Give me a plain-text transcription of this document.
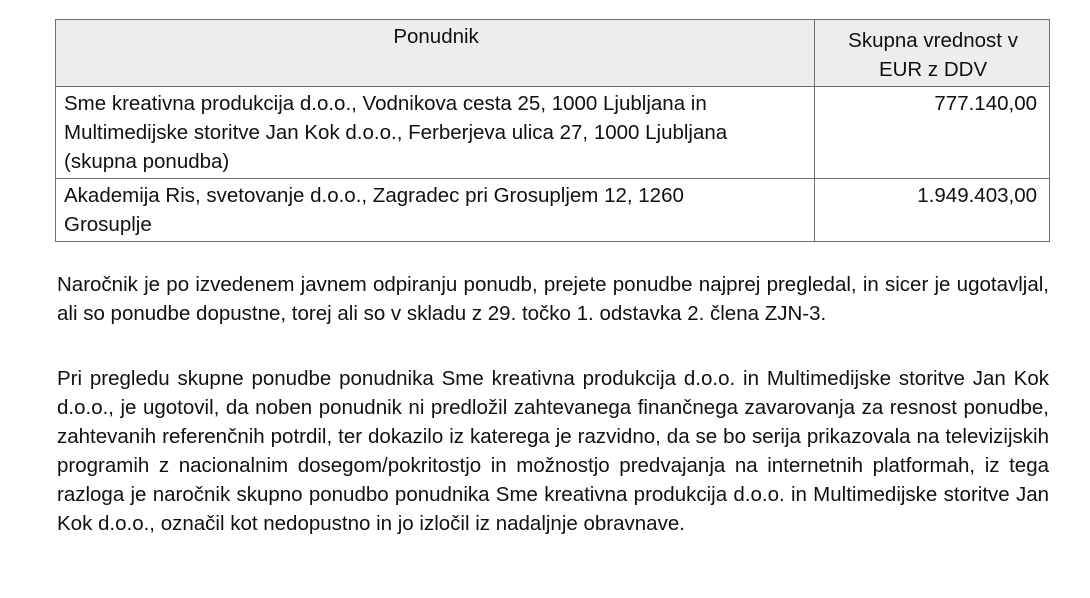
Ponudnik	Skupna vrednost v
EUR z DDV
Sme kreativna produkcija d.o.o., Vodnikova cesta 25, 1000 Ljubljana in
Multimedijske storitve Jan Kok d.o.o., Ferberjeva ulica 27, 1000 Ljubljana
(skupna ponudba)	777.140,00
Akademija Ris, svetovanje d.o.o., Zagradec pri Grosupljem 12, 1260
Grosuplje	1.949.403,00

Naročnik je po izvedenem javnem odpiranju ponudb, prejete ponudbe najprej pregledal, in sicer je ugotavljal, ali so ponudbe dopustne, torej ali so v skladu z 29. točko 1. odstavka 2. člena ZJN-3.

Pri pregledu skupne ponudbe ponudnika Sme kreativna produkcija d.o.o. in Multimedijske storitve Jan Kok d.o.o., je ugotovil, da noben ponudnik ni predložil zahtevanega finančnega zavarovanja za resnost ponudbe, zahtevanih referenčnih potrdil, ter dokazilo iz katerega je razvidno, da se bo serija prikazovala na televizijskih programih z nacionalnim dosegom/pokritostjo in možnostjo predvajanja na internetnih platformah, iz tega razloga je naročnik skupno ponudbo ponudnika Sme kreativna produkcija d.o.o. in Multimedijske storitve Jan Kok d.o.o., označil kot nedopustno in jo izločil iz nadaljnje obravnave.
